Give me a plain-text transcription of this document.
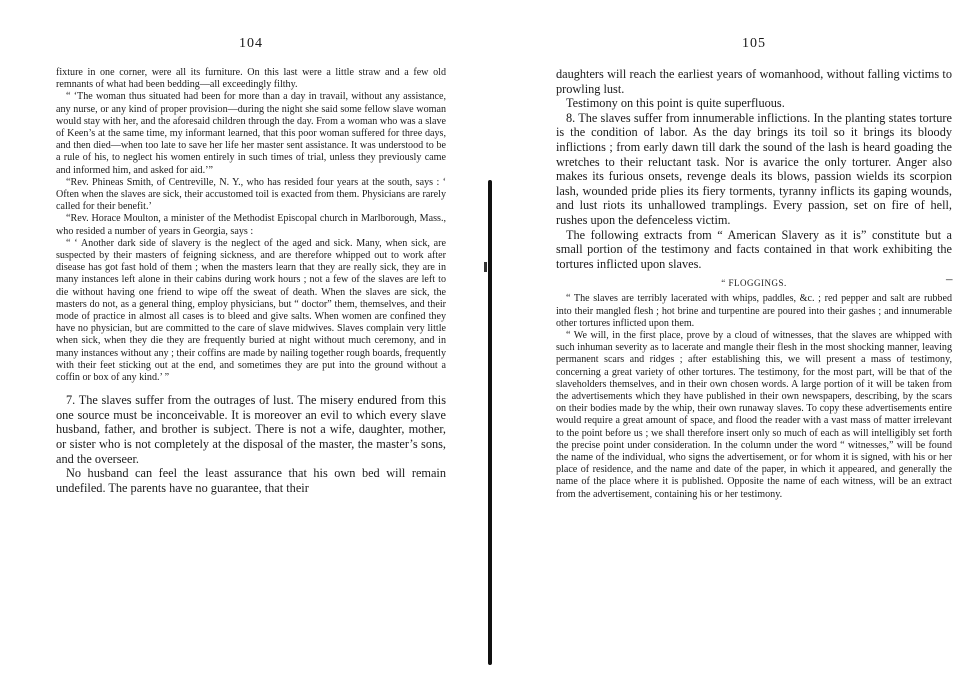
104

fixture in one corner, were all its furniture. On this last were a little straw and a few old remnants of what had been bedding—all exceedingly filthy.

“ ‘The woman thus situated had been for more than a day in travail, without any assistance, any nurse, or any kind of proper provision—during the night she said some fellow slave woman would stay with her, and the aforesaid children through the day. From a woman who was a slave of Keen’s at the same time, my informant learned, that this poor woman suffered for three days, and then died—when too late to save her life her master sent assistance. It was understood to be a rule of his, to neglect his women entirely in such times of trial, unless they previously came and informed him, and asked for aid.’”

“Rev. Phineas Smith, of Centreville, N. Y., who has resided four years at the south, says : ‘ Often when the slaves are sick, their accustomed toil is exacted from them. Physicians are rarely called for their benefit.’

“Rev. Horace Moulton, a minister of the Methodist Episcopal church in Marlborough, Mass., who resided a number of years in Georgia, says :

“ ‘ Another dark side of slavery is the neglect of the aged and sick. Many, when sick, are suspected by their masters of feigning sickness, and are therefore whipped out to work after disease has got fast hold of them ; when the masters learn that they are really sick, they are in many instances left alone in their cabins during work hours ; not a few of the slaves are left to die without having one friend to wipe off the sweat of death. When the slaves are sick, the masters do not, as a general thing, employ physicians, but “ doctor” them, themselves, and their mode of practice in almost all cases is to bleed and give salts. When women are confined they have no physician, but are committed to the care of slave midwives. Slaves complain very little when sick, when they die they are frequently buried at night without much ceremony, and in many instances without any ; their coffins are made by nailing together rough boards, frequently with their feet sticking out at the end, and sometimes they are put into the ground without a coffin or box of any kind.’ ”

7. The slaves suffer from the outrages of lust. The misery endured from this one source must be inconceivable. It is moreover an evil to which every slave husband, father, and brother is subject. There is not a wife, daughter, mother, or sister who is not completely at the disposal of the master, the master’s sons, and the overseer.

No husband can feel the least assurance that his own bed will remain undefiled. The parents have no guarantee, that their

105

daughters will reach the earliest years of womanhood, without falling victims to prowling lust.

Testimony on this point is quite superfluous.

8. The slaves suffer from innumerable inflictions. In the planting states torture is the condition of labor. As the day brings its toil so it brings its bloody inflictions ; from early dawn till dark the sound of the lash is heard goading the wretches to their reluctant task. Nor is avarice the only torturer. Anger also makes its furious onsets, revenge deals its blows, passion wields its scorpion lash, wounded pride plies its fiery torments, tyranny inflicts its gaping wounds, and lust riots its unhallowed tramplings. Every passion, set on fire of hell, rushes upon the defenceless victim.

The following extracts from “ American Slavery as it is” constitute but a small portion of the testimony and facts contained in that work exhibiting the tortures inflicted upon slaves.

“ FLOGGINGS.

“ The slaves are terribly lacerated with whips, paddles, &c. ; red pepper and salt are rubbed into their mangled flesh ; hot brine and turpentine are poured into their gashes ; and innumerable other tortures inflicted upon them.

“ We will, in the first place, prove by a cloud of witnesses, that the slaves are whipped with such inhuman severity as to lacerate and mangle their flesh in the most shocking manner, leaving permanent scars and ridges ; after establishing this, we will present a mass of testimony, concerning a great variety of other tortures. The testimony, for the most part, will be that of the slaveholders themselves, and in their own chosen words. A large portion of it will be taken from the advertisements which they have published in their own newspapers, describing, by the scars on their bodies made by the whip, their own runaway slaves. To copy these advertisements entire would require a great amount of space, and flood the reader with a vast mass of matter irrelevant to the point before us ; we shall therefore insert only so much of each as will intelligibly set forth the precise point under consideration. In the column under the word “ witnesses,” will be found the name of the individual, who signs the advertisement, or for whom it is signed, with his or her place of residence, and the name and date of the paper, in which it appeared, and generally the name of the place where it is published. Opposite the name of each witness, will be an extract from the advertisement, containing his or her testimony.

–
